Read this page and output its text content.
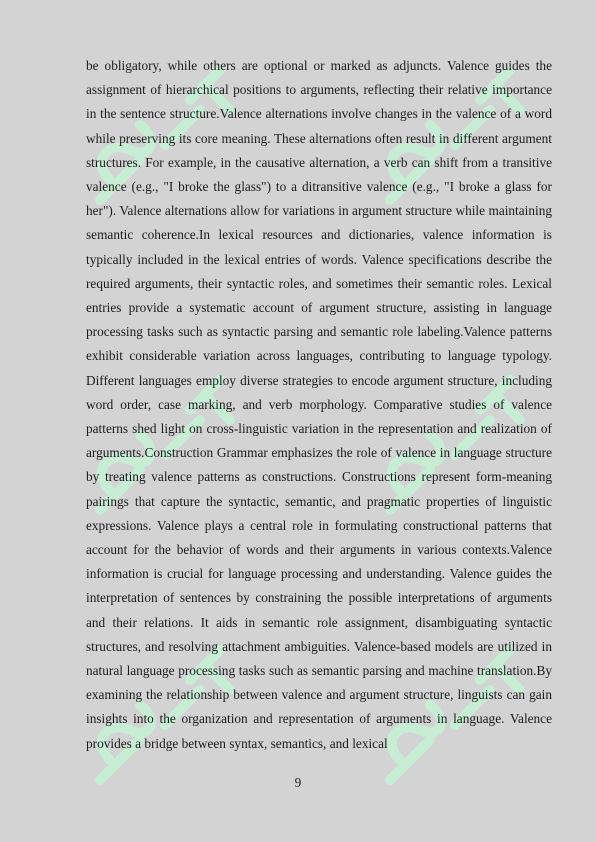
be obligatory, while others are optional or marked as adjuncts. Valence guides the assignment of hierarchical positions to arguments, reflecting their relative importance in the sentence structure.Valence alternations involve changes in the valence of a word while preserving its core meaning. These alternations often result in different argument structures. For example, in the causative alternation, a verb can shift from a transitive valence (e.g., "I broke the glass") to a ditransitive valence (e.g., "I broke a glass for her"). Valence alternations allow for variations in argument structure while maintaining semantic coherence.In lexical resources and dictionaries, valence information is typically included in the lexical entries of words. Valence specifications describe the required arguments, their syntactic roles, and sometimes their semantic roles. Lexical entries provide a systematic account of argument structure, assisting in language processing tasks such as syntactic parsing and semantic role labeling.Valence patterns exhibit considerable variation across languages, contributing to language typology. Different languages employ diverse strategies to encode argument structure, including word order, case marking, and verb morphology. Comparative studies of valence patterns shed light on cross-linguistic variation in the representation and realization of arguments.Construction Grammar emphasizes the role of valence in language structure by treating valence patterns as constructions. Constructions represent form-meaning pairings that capture the syntactic, semantic, and pragmatic properties of linguistic expressions. Valence plays a central role in formulating constructional patterns that account for the behavior of words and their arguments in various contexts.Valence information is crucial for language processing and understanding. Valence guides the interpretation of sentences by constraining the possible interpretations of arguments and their relations. It aids in semantic role assignment, disambiguating syntactic structures, and resolving attachment ambiguities. Valence-based models are utilized in natural language processing tasks such as semantic parsing and machine translation.By examining the relationship between valence and argument structure, linguists can gain insights into the organization and representation of arguments in language. Valence provides a bridge between syntax, semantics, and lexical

9
